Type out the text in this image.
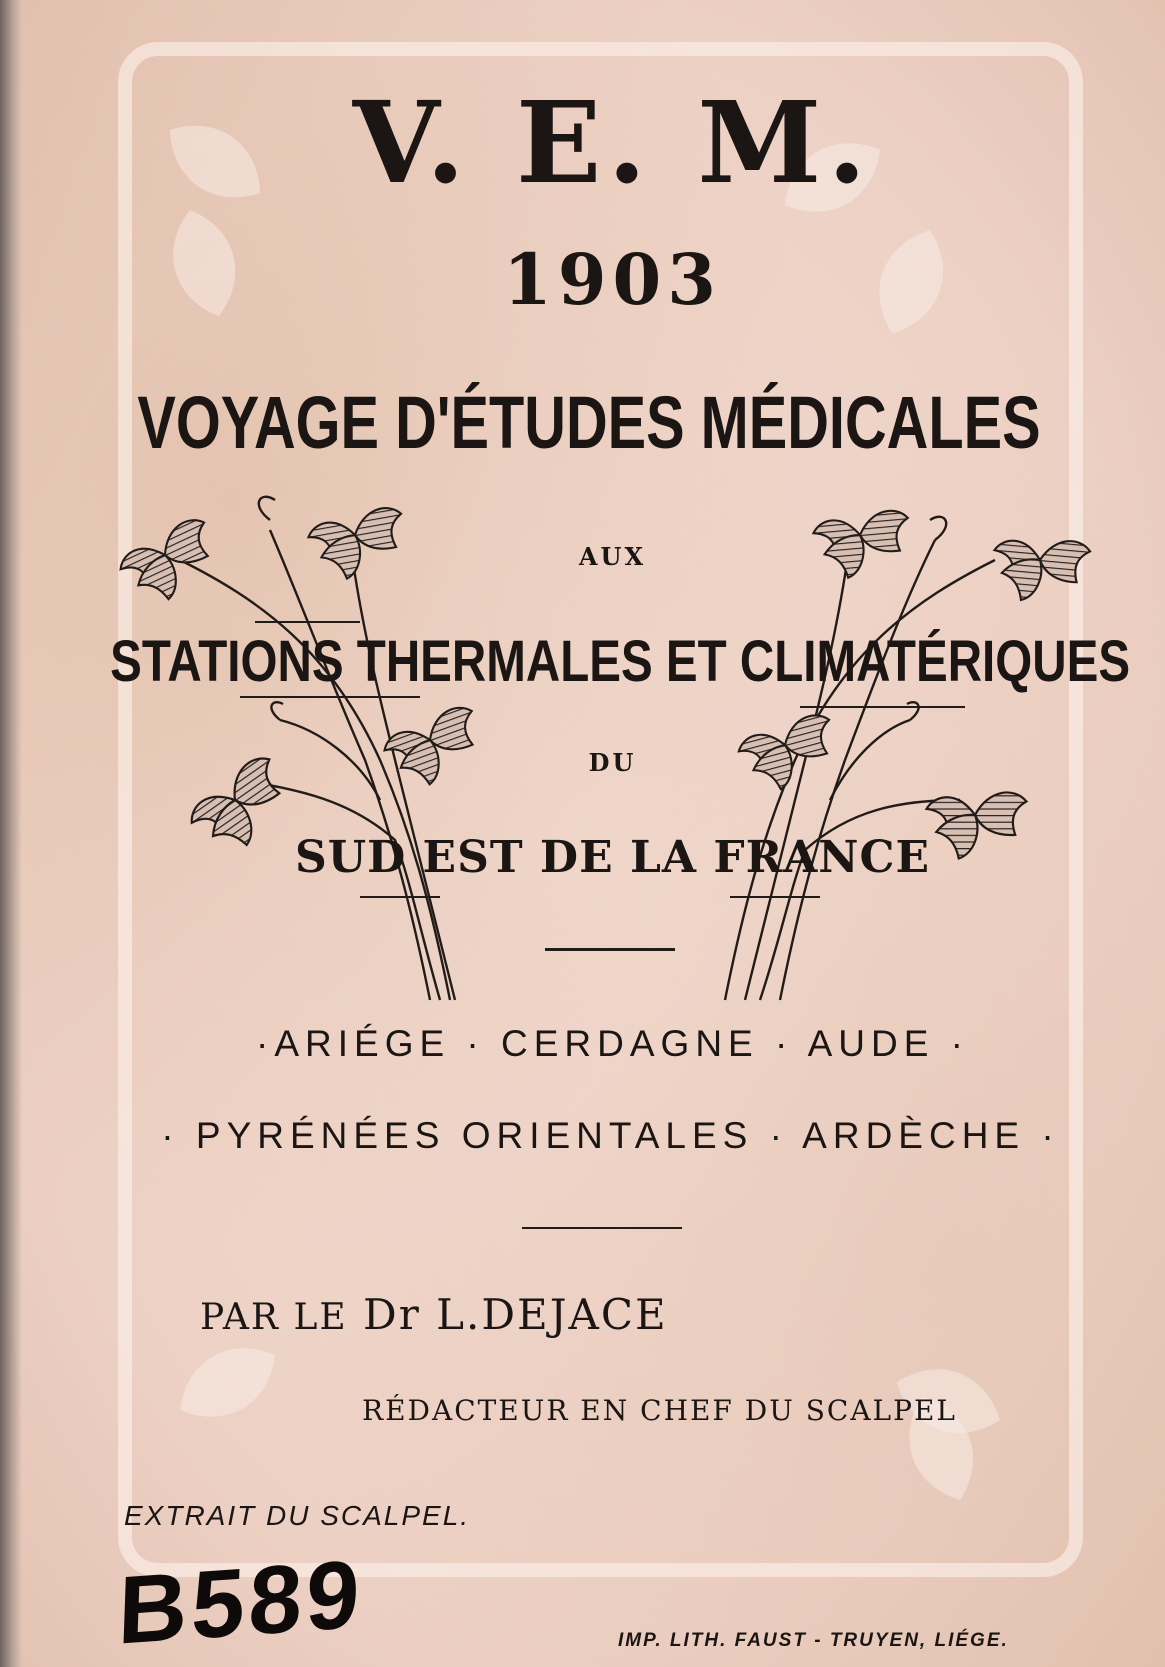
V. E. M.
1903
VOYAGE D'ÉTUDES MÉDICALES
AUX
STATIONS THERMALES ET CLIMATÉRIQUES
DU
SUD EST DE LA FRANCE
·ARIÉGE · CERDAGNE · AUDE ·
· PYRÉNÉES ORIENTALES · ARDÈCHE ·
PAR LE Dr L.DEJACE
RÉDACTEUR EN CHEF DU SCALPEL
EXTRAIT DU SCALPEL.
B589	IMP. LITH. FAUST - TRUYEN, LIÉGE.
